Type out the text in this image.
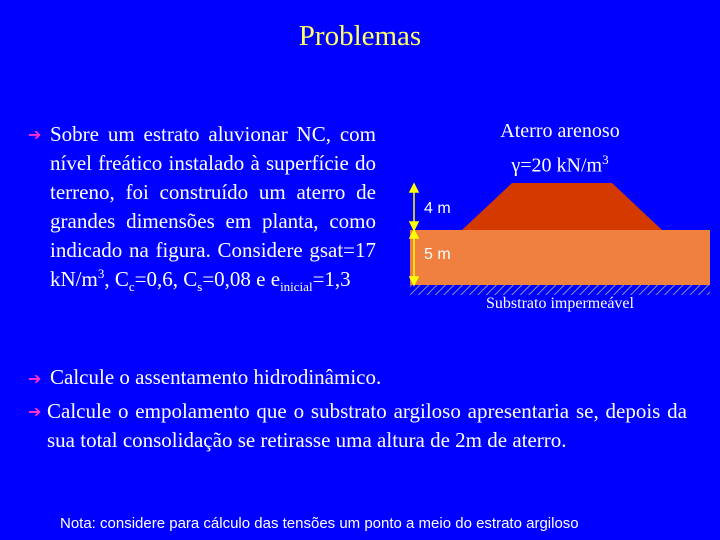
Problemas
➔ Sobre um estrato aluvionar NC, com nível freático instalado à superfície do terreno, foi construído um aterro de grandes dimensões em planta, como indicado na figura. Considere gsat=17 $kN/m^3$, $C_c=0,6$, $C_s=0,08$ e $e_{inicial}=1,3$
➔ Calcule o assentamento hidrodinâmico.
➔ Calcule o empolamento que o substrato argiloso apresentaria se, depois da sua total consolidação se retirasse uma altura de 2m de aterro.
Aterro arenoso
γ=20 $kN/m^3$
4 m
5 m
Substrato impermeável
Nota: considere para cálculo das tensões um ponto a meio do estrato argiloso
